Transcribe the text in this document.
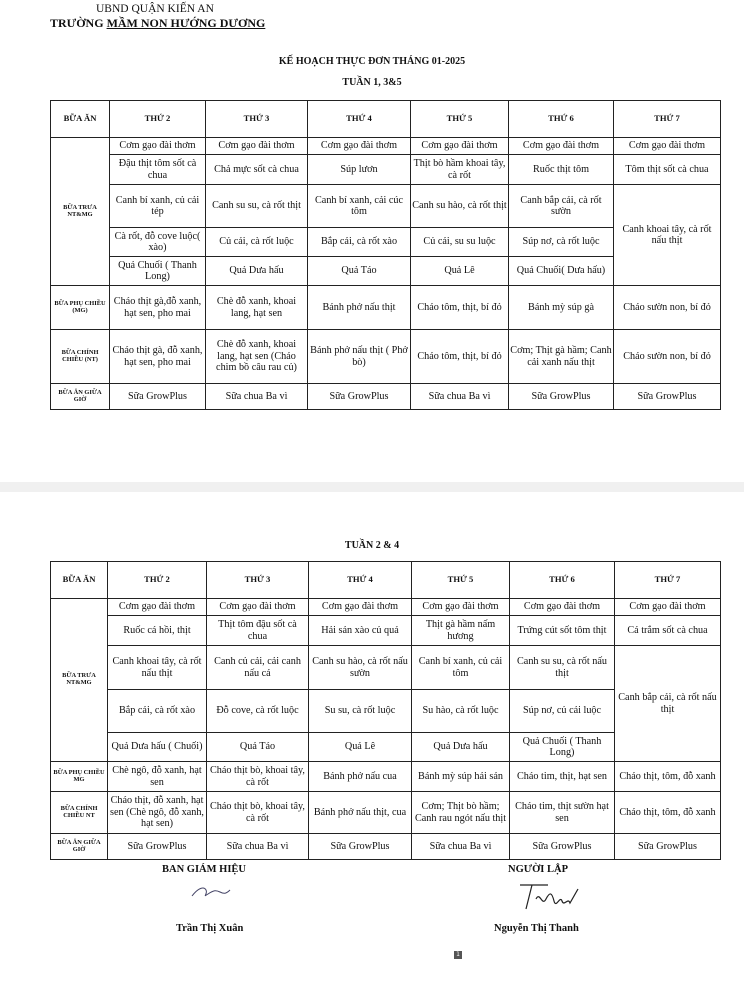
UBND QUẬN KIẾN AN
TRƯỜNG MẦM NON HƯỚNG DƯƠNG
KẾ HOẠCH THỰC ĐƠN THÁNG 01-2025
TUẦN 1, 3&5
BỮA ĂN	THỨ 2	THỨ 3	THỨ 4	THỨ 5	THỨ 6	THỨ 7
BỮA TRƯA NT&MG	Cơm gạo đài thơm	Cơm gạo đài thơm	Cơm gạo đài thơm	Cơm gạo đài thơm	Cơm gạo đài thơm	Cơm gạo đài thơm
	Đậu thịt tôm sốt cà chua	Chả mực sốt cà chua	Súp lươn	Thịt bò hầm khoai tây, cà rốt	Ruốc thịt tôm	Tôm thịt sốt cà chua
	Canh bí xanh, củ cải tép	Canh su su, cà rốt thịt	Canh bí xanh, cải cúc tôm	Canh su hào, cà rốt thịt	Canh bắp cải, cà rốt sườn	Canh khoai tây, cà rốt nấu thịt
	Cà rốt, đỗ cove luộc( xào)	Củ cải, cà rốt luộc	Bắp cải, cà rốt xào	Củ cải, su su luộc	Súp nơ, cà rốt luộc	
	Quả Chuối ( Thanh Long)	Quả Dưa hấu	Quả Táo	Quả Lê	Quả Chuối( Dưa hấu)	
BỮA PHỤ CHIỀU (MG)	Cháo thịt gà,đỗ xanh, hạt sen, pho mai	Chè đỗ xanh, khoai lang, hạt sen	Bánh phở nấu thịt	Cháo tôm, thịt, bí đỏ	Bánh mỳ súp gà	Cháo sườn non, bí đỏ
BỮA CHÍNH CHIỀU (NT)	Cháo thịt gà, đỗ xanh, hạt sen, pho mai	Chè đỗ xanh, khoai lang, hạt sen (Cháo chim bồ câu rau củ)	Bánh phở nấu thịt ( Phở bò)	Cháo tôm, thịt, bí đỏ	Cơm; Thịt gà hầm; Canh cải xanh nấu thịt	Cháo sườn non, bí đỏ
BỮA ĂN GIỮA GIỜ	Sữa GrowPlus	Sữa chua Ba vì	Sữa GrowPlus	Sữa chua Ba vì	Sữa GrowPlus	Sữa GrowPlus
TUẦN 2 & 4
BỮA ĂN	THỨ 2	THỨ 3	THỨ 4	THỨ 5	THỨ 6	THỨ 7
BỮA TRƯA NT&MG	Cơm gạo đài thơm	Cơm gạo đài thơm	Cơm gạo đài thơm	Cơm gạo đài thơm	Cơm gạo đài thơm	Cơm gạo đài thơm
	Ruốc cá hồi, thịt	Thịt tôm đậu sốt cà chua	Hải sản xào củ quả	Thịt gà hầm nấm hương	Trứng cút sốt tôm thịt	Cá trắm sốt cà chua
	Canh khoai tây, cà rốt nấu thịt	Canh củ cải, cải canh nấu cá	Canh su hào, cà rốt nấu sườn	Canh bí xanh, củ cải tôm	Canh su su, cà rốt nấu thịt	Canh bắp cải, cà rốt nấu thịt
	Bắp cải, cà rốt xào	Đỗ cove, cà rốt luộc	Su su, cà rốt luộc	Su hào, cà rốt luộc	Súp nơ, củ cải luộc	
	Quả Dưa hấu ( Chuối)	Quả Táo	Quả Lê	Quả Dưa hấu	Quả Chuối ( Thanh Long)	
BỮA PHỤ CHIỀU MG	Chè ngô, đỗ xanh, hạt sen	Cháo thịt bò, khoai tây, cà rốt	Bánh phở nấu cua	Bánh mỳ súp hải sản	Cháo tim, thịt, hạt sen	Cháo thịt, tôm, đỗ xanh
BỮA CHÍNH CHIỀU NT	Cháo thịt, đỗ xanh, hạt sen (Chè ngô, đỗ xanh, hạt sen)	Cháo thịt bò, khoai tây, cà rốt	Bánh phở nấu thịt, cua	Cơm; Thịt bò hầm; Canh rau ngót nấu thịt	Cháo tim, thịt sườn hạt sen	Cháo thịt, tôm, đỗ xanh
BỮA ĂN GIỮA GIỜ	Sữa GrowPlus	Sữa chua Ba vì	Sữa GrowPlus	Sữa chua Ba vì	Sữa GrowPlus	Sữa GrowPlus
BAN GIÁM HIỆU
Trần Thị Xuân
NGƯỜI LẬP
Nguyễn Thị Thanh
1
